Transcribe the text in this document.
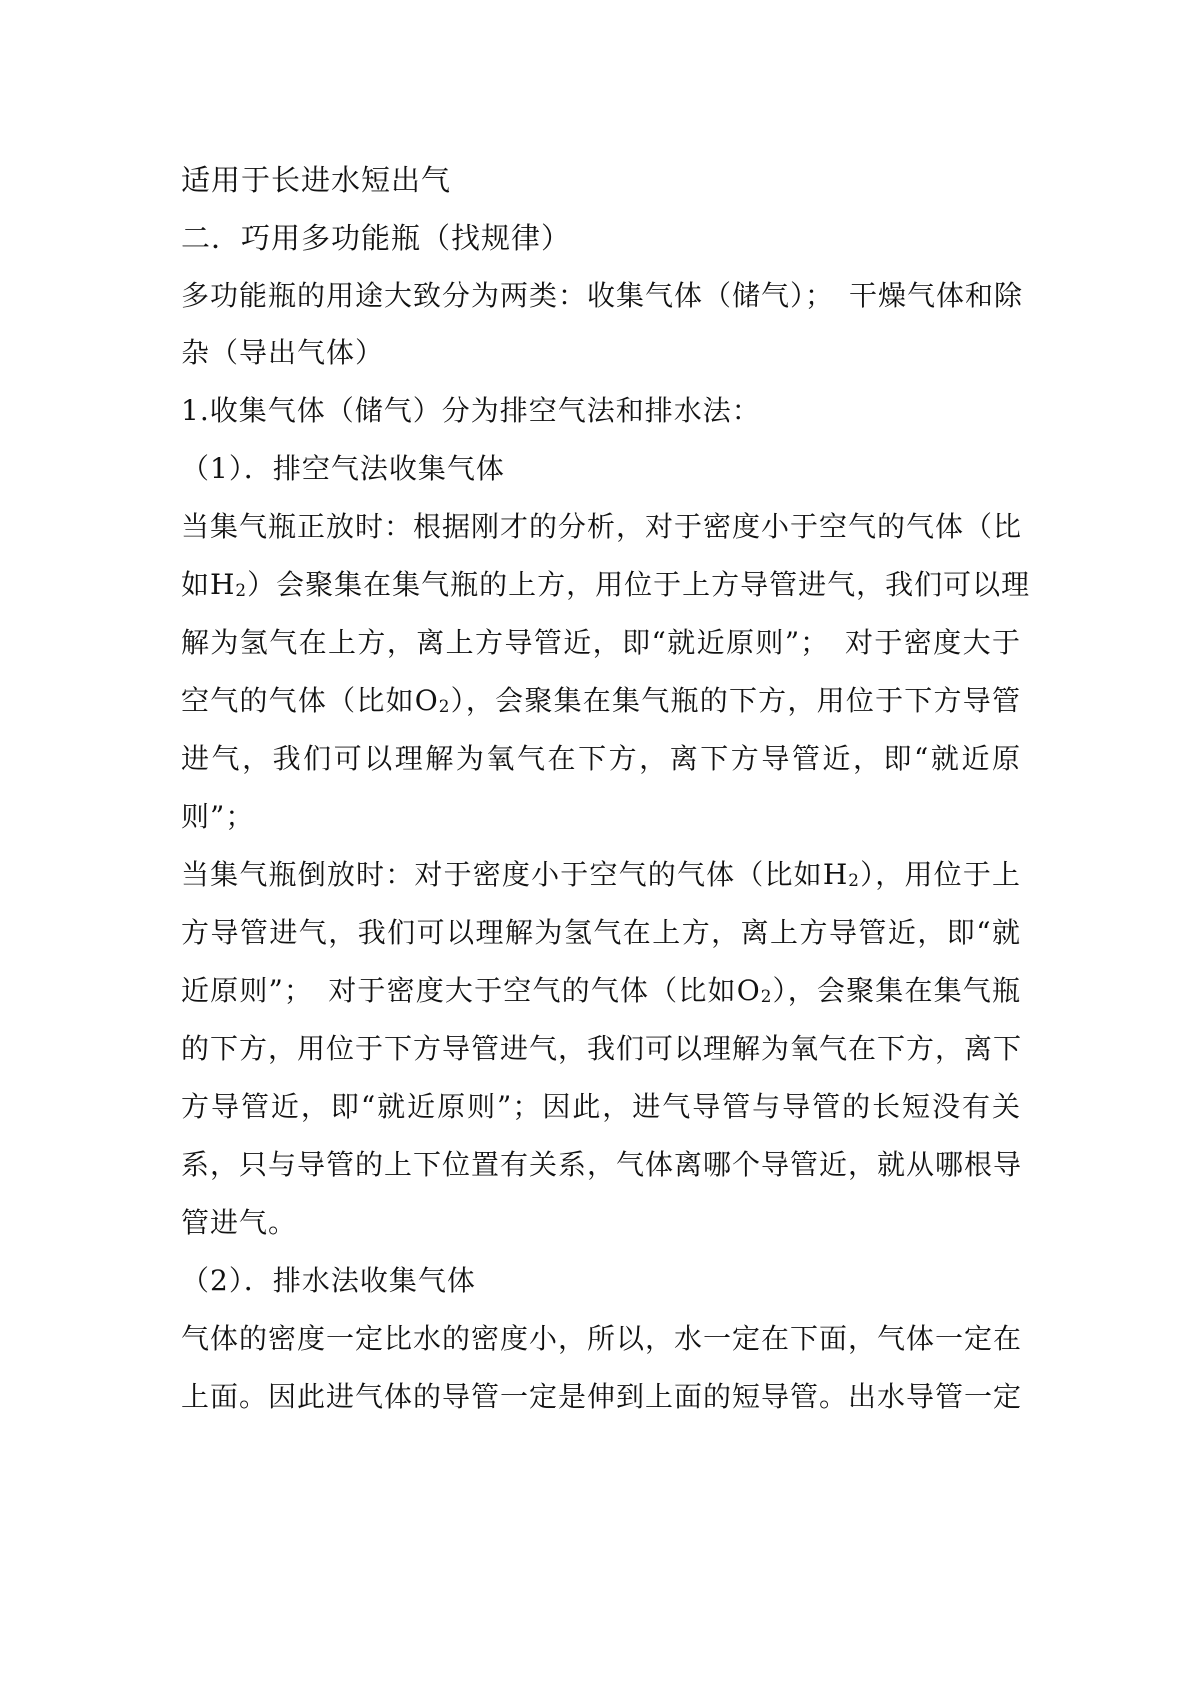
适用于长进水短出气
二．巧用多功能瓶（找规律）
多功能瓶的用途大致分为两类：收集气体（储气）；　干燥气体和除
杂（导出气体）
1.收集气体（储气）分为排空气法和排水法：
（1）．排空气法收集气体
当集气瓶正放时：根据刚才的分析，对于密度小于空气的气体（比
如$H_2$）会聚集在集气瓶的上方，用位于上方导管进气，我们可以理
解为氢气在上方，离上方导管近，即“就近原则”；　对于密度大于
空气的气体（比如$O_2$），会聚集在集气瓶的下方，用位于下方导管
进气，我们可以理解为氧气在下方，离下方导管近，即“就近原
则”；
当集气瓶倒放时：对于密度小于空气的气体（比如$H_2$），用位于上
方导管进气，我们可以理解为氢气在上方，离上方导管近，即“就
近原则”；　对于密度大于空气的气体（比如$O_2$），会聚集在集气瓶
的下方，用位于下方导管进气，我们可以理解为氧气在下方，离下
方导管近，即“就近原则”；因此，进气导管与导管的长短没有关
系，只与导管的上下位置有关系，气体离哪个导管近，就从哪根导
管进气。
（2）．排水法收集气体
气体的密度一定比水的密度小，所以，水一定在下面，气体一定在
上面。因此进气体的导管一定是伸到上面的短导管。出水导管一定
